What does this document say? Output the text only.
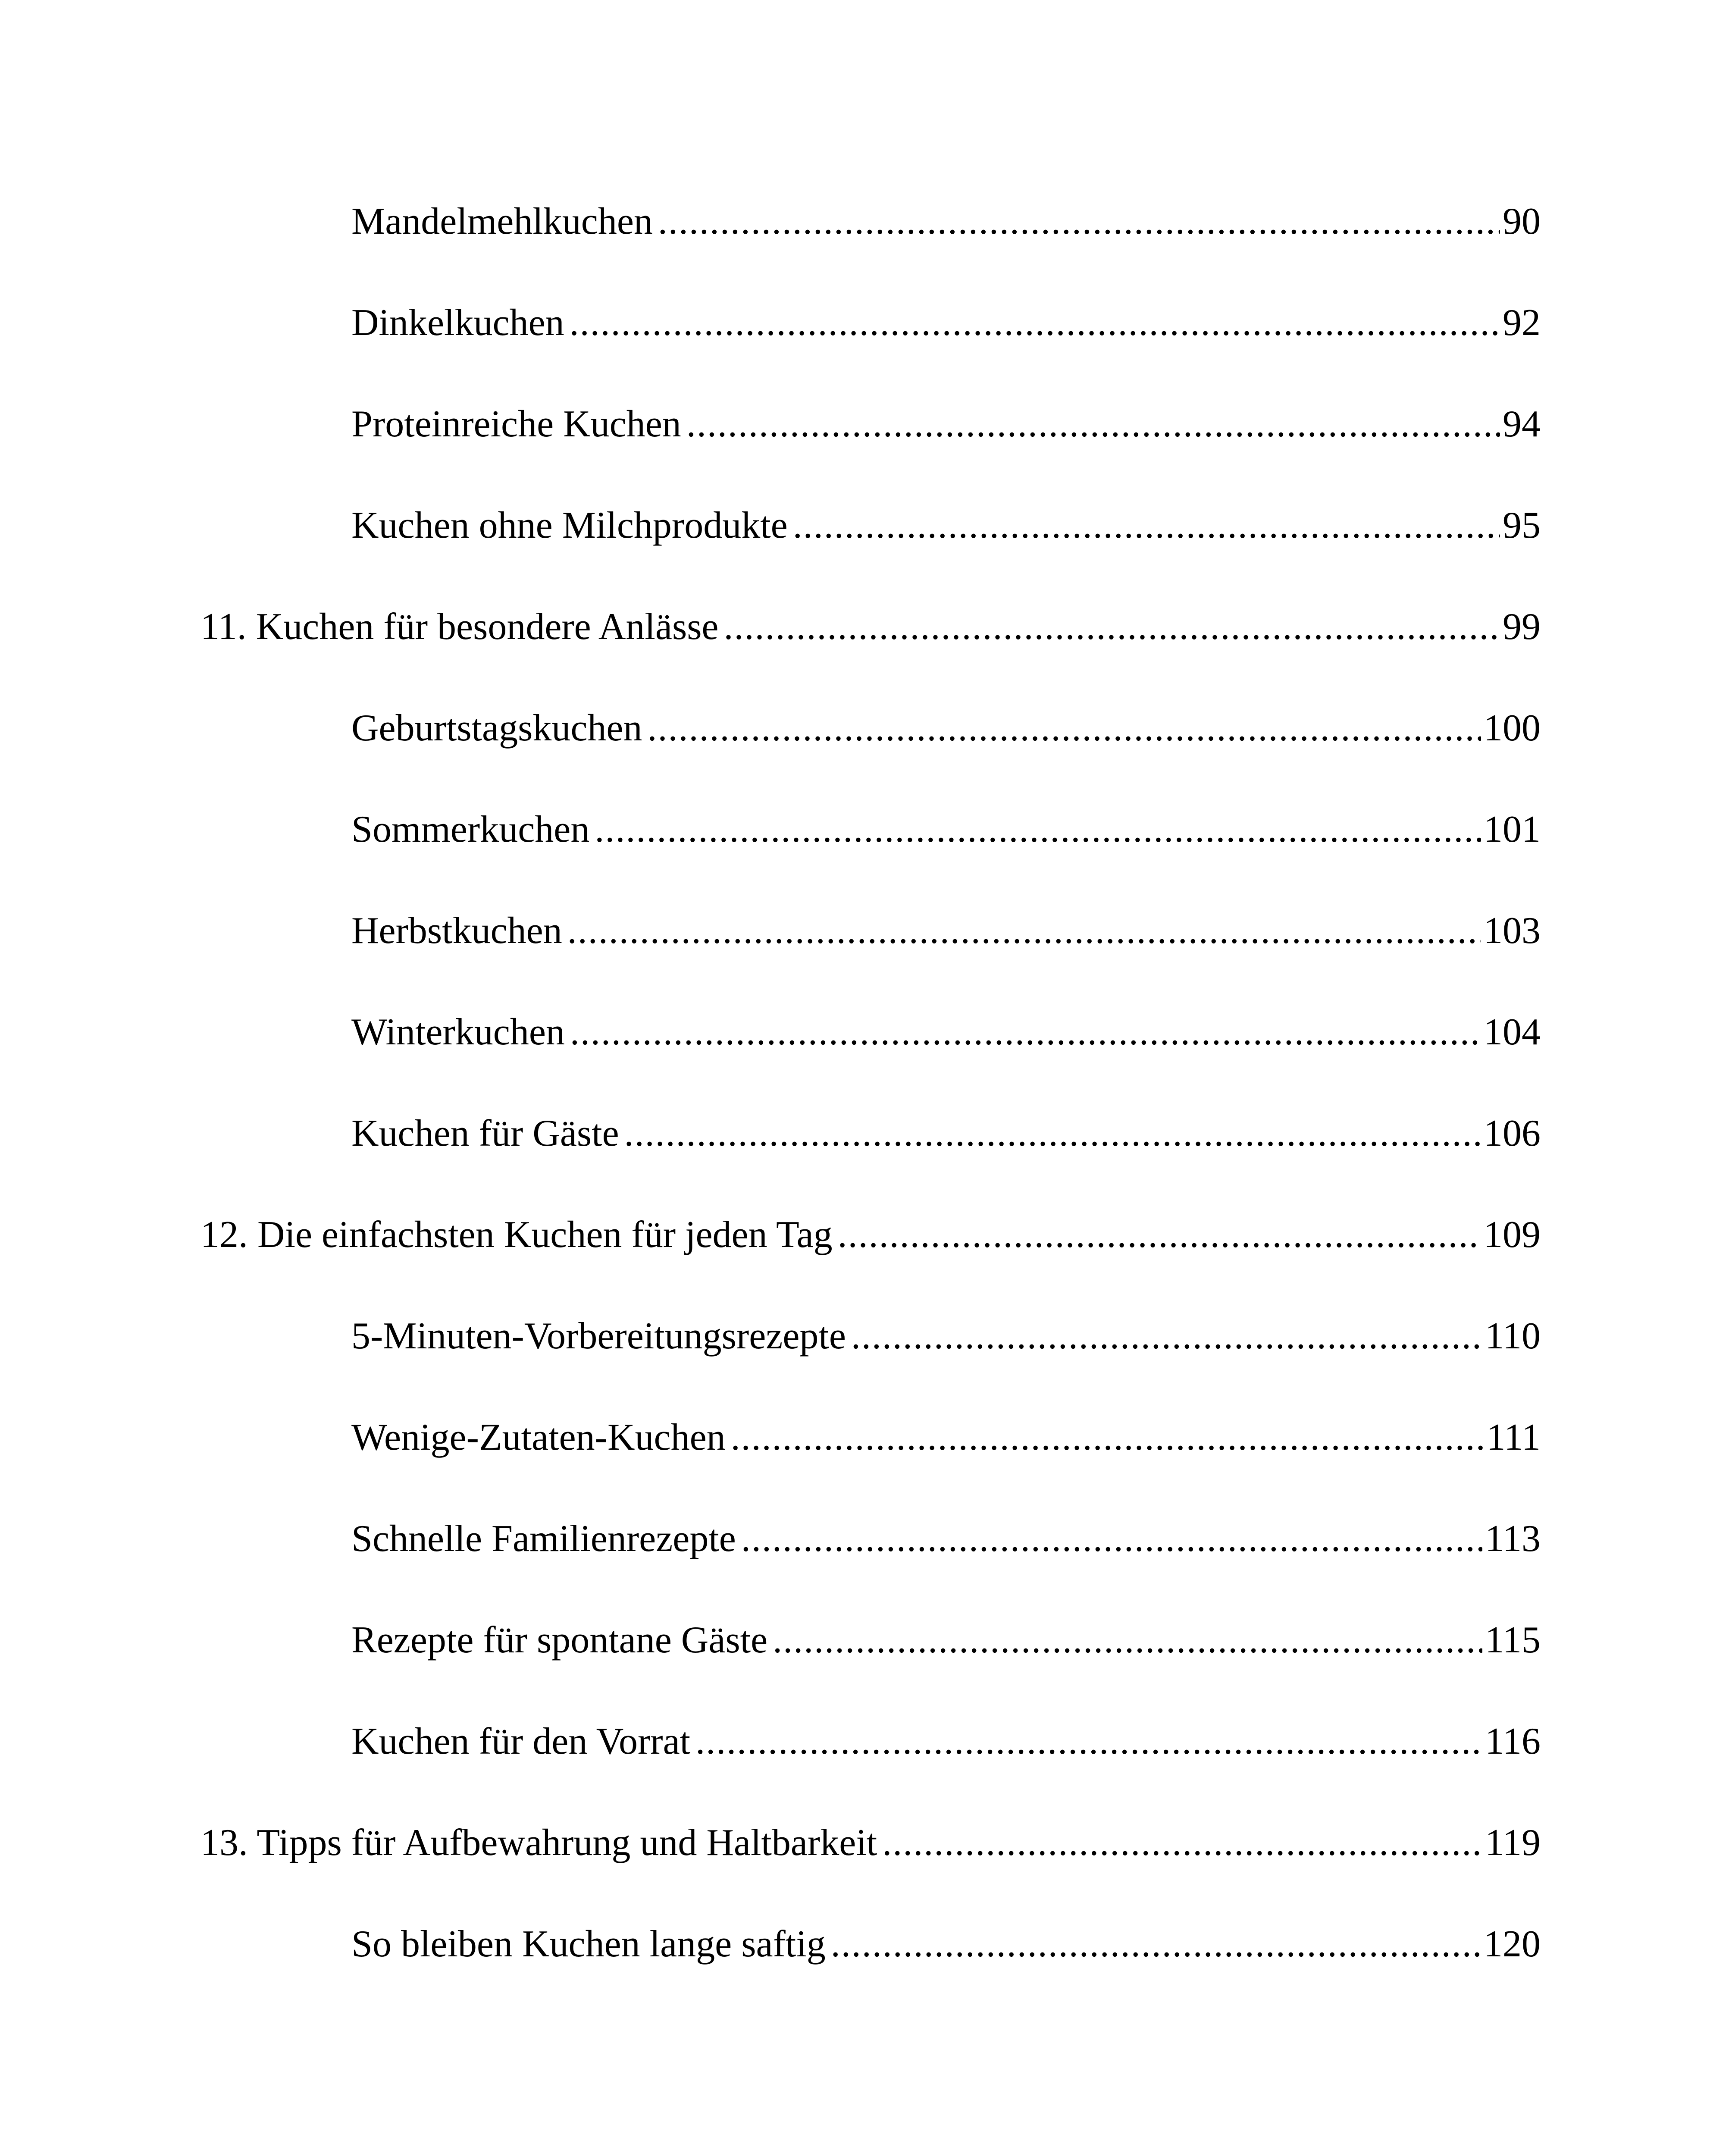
Mandelmehlkuchen .....	90
Dinkelkuchen .....	92
Proteinreiche Kuchen .....	94
Kuchen ohne Milchprodukte .....	95
11. Kuchen für besondere Anlässe .....	99
Geburtstagskuchen .....	100
Sommerkuchen .....	101
Herbstkuchen .....	103
Winterkuchen .....	104
Kuchen für Gäste .....	106
12. Die einfachsten Kuchen für jeden Tag .....	109
5-Minuten-Vorbereitungsrezepte .....	110
Wenige-Zutaten-Kuchen .....	111
Schnelle Familienrezepte .....	113
Rezepte für spontane Gäste .....	115
Kuchen für den Vorrat .....	116
13. Tipps für Aufbewahrung und Haltbarkeit .....	119
So bleiben Kuchen lange saftig .....	120
